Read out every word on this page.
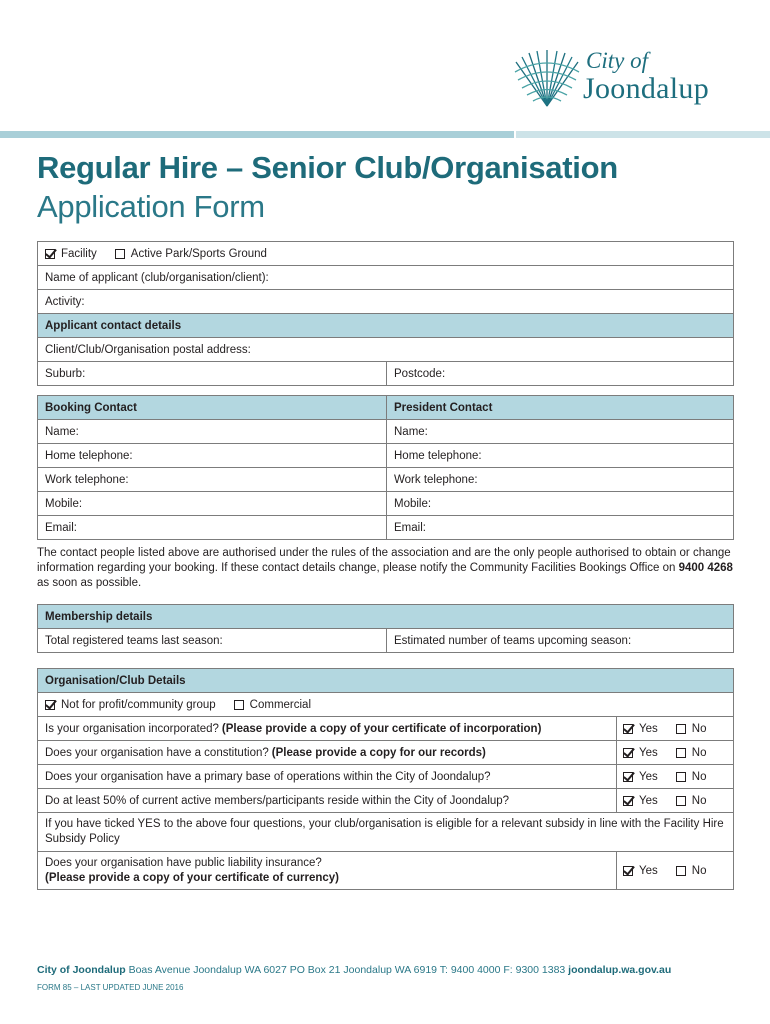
City of
Joondalup
Regular Hire – Senior Club/Organisation
Application Form
Facility	Active Park/Sports Ground
Name of applicant (club/organisation/client):
Activity:
Applicant contact details
Client/Club/Organisation postal address:
Suburb:	Postcode:
Booking Contact	President Contact
Name:	Name:
Home telephone:	Home telephone:
Work telephone:	Work telephone:
Mobile:	Mobile:
Email:	Email:
The contact people listed above are authorised under the rules of the association and are the only people authorised to obtain or change information regarding your booking. If these contact details change, please notify the Community Facilities Bookings Office on 9400 4268 as soon as possible.
Membership details
Total registered teams last season:	Estimated number of teams upcoming season:
Organisation/Club Details
Not for profit/community group	Commercial
Is your organisation incorporated? (Please provide a copy of your certificate of incorporation)	Yes	No
Does your organisation have a constitution? (Please provide a copy for our records)	Yes	No
Does your organisation have a primary base of operations within the City of Joondalup?	Yes	No
Do at least 50% of current active members/participants reside within the City of Joondalup?	Yes	No
If you have ticked YES to the above four questions, your club/organisation is eligible for a relevant subsidy in line with the Facility Hire Subsidy Policy
Does your organisation have public liability insurance?
(Please provide a copy of your certificate of currency)
Yes	No
City of Joondalup Boas Avenue Joondalup WA 6027 PO Box 21 Joondalup WA 6919 T: 9400 4000 F: 9300 1383 joondalup.wa.gov.au
FORM 85 – LAST UPDATED JUNE 2016
